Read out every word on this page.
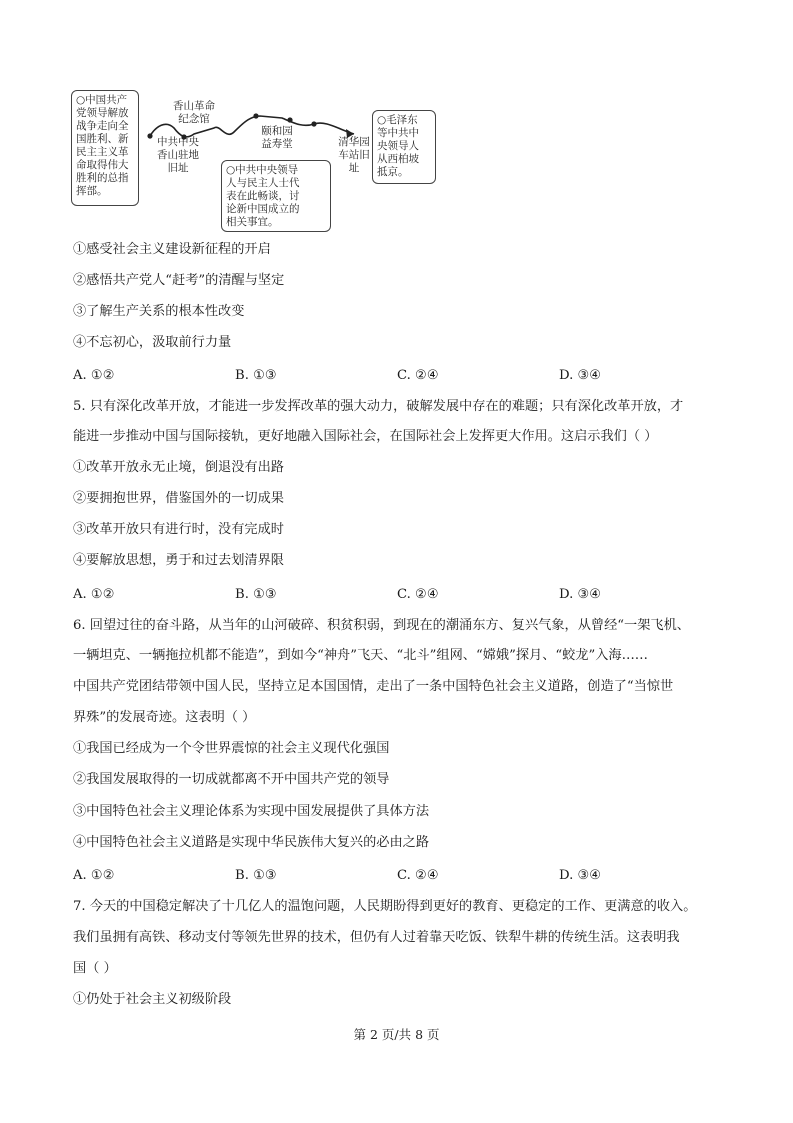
○中国共产
党领导解放
战争走向全
国胜利、新
民主主义革
命取得伟大
胜利的总指
挥部。
香山革命
纪念馆
中共中央
香山驻地
旧址
颐和园
益寿堂	清华园
车站旧址
○中共中央领导
人与民主人士代
表在此畅谈，讨
论新中国成立的
相关事宜。
○毛泽东
等中共中
央领导人
从西柏坡
抵京。
①感受社会主义建设新征程的开启
②感悟共产党人“赶考”的清醒与坚定
③了解生产关系的根本性改变
④不忘初心，汲取前行力量
A. ①②	B. ①③	C. ②④	D. ③④
5. 只有深化改革开放，才能进一步发挥改革的强大动力，破解发展中存在的难题；只有深化改革开放，才
能进一步推动中国与国际接轨，更好地融入国际社会，在国际社会上发挥更大作用。这启示我们（ ）
①改革开放永无止境，倒退没有出路
②要拥抱世界，借鉴国外的一切成果
③改革开放只有进行时，没有完成时
④要解放思想，勇于和过去划清界限
A. ①②	B. ①③	C. ②④	D. ③④
6. 回望过往的奋斗路，从当年的山河破碎、积贫积弱，到现在的潮涌东方、复兴气象，从曾经“一架飞机、
一辆坦克、一辆拖拉机都不能造”，到如今“神舟”飞天、“北斗”组网、“嫦娥”探月、“蛟龙”入海……
中国共产党团结带领中国人民，坚持立足本国国情，走出了一条中国特色社会主义道路，创造了“当惊世
界殊”的发展奇迹。这表明（ ）
①我国已经成为一个令世界震惊的社会主义现代化强国
②我国发展取得的一切成就都离不开中国共产党的领导
③中国特色社会主义理论体系为实现中国发展提供了具体方法
④中国特色社会主义道路是实现中华民族伟大复兴的必由之路
A. ①②	B. ①③	C. ②④	D. ③④
7. 今天的中国稳定解决了十几亿人的温饱问题，人民期盼得到更好的教育、更稳定的工作、更满意的收入。
我们虽拥有高铁、移动支付等领先世界的技术，但仍有人过着靠天吃饭、铁犁牛耕的传统生活。这表明我
国（ ）
①仍处于社会主义初级阶段
第 2 页/共 8 页
